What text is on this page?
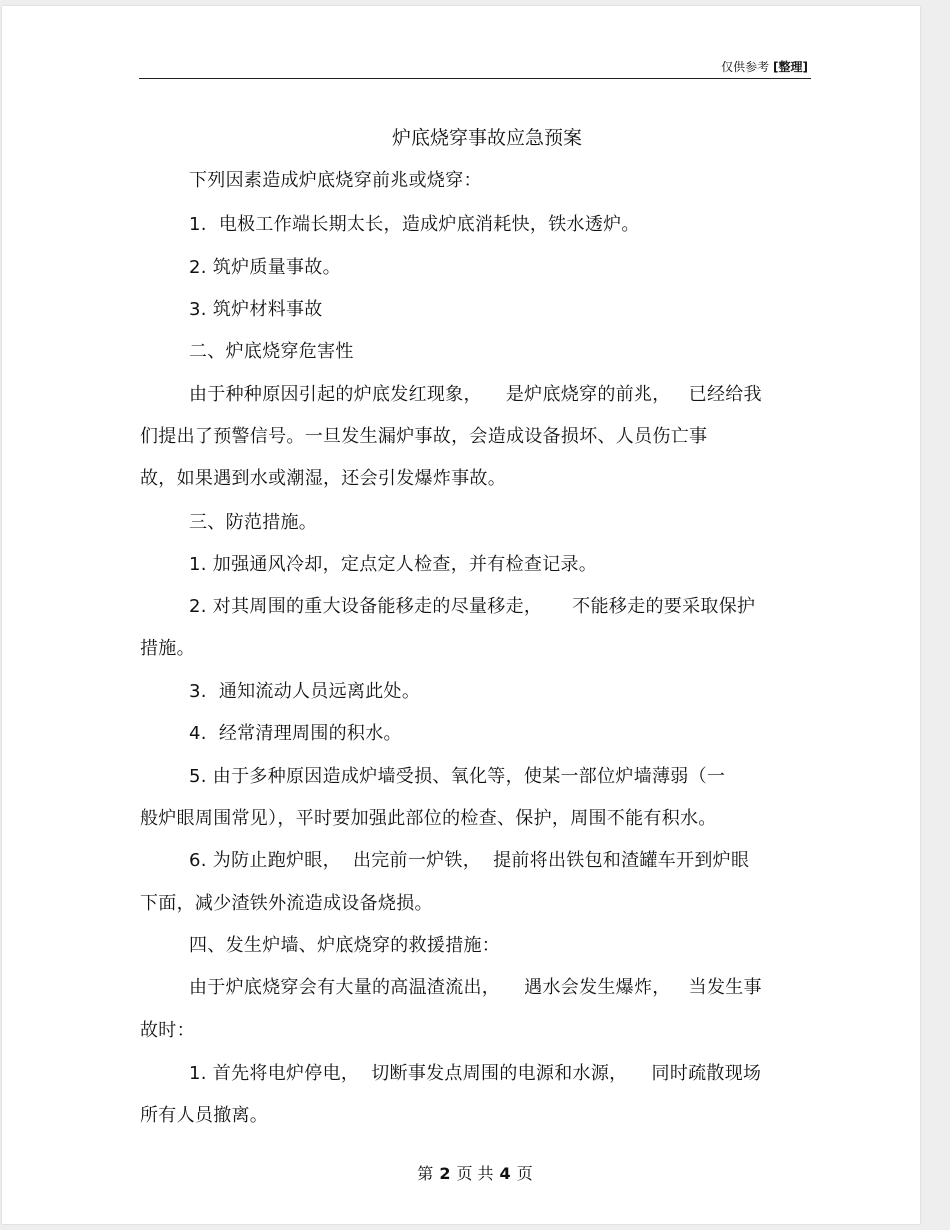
仅供参考 [整理]
炉底烧穿事故应急预案
下列因素造成炉底烧穿前兆或烧穿：
1.  电极工作端长期太长，造成炉底消耗快，铁水透炉。
2. 筑炉质量事故。
3. 筑炉材料事故
二、炉底烧穿危害性
由于种种原因引起的炉底发红现象，    是炉底烧穿的前兆，   已经给我
们提出了预警信号。一旦发生漏炉事故，会造成设备损坏、人员伤亡事
故，如果遇到水或潮湿，还会引发爆炸事故。
三、防范措施。
1. 加强通风冷却，定点定人检查，并有检查记录。
2. 对其周围的重大设备能移走的尽量移走，     不能移走的要采取保护
措施。
3.  通知流动人员远离此处。
4.  经常清理周围的积水。
5. 由于多种原因造成炉墙受损、氧化等，使某一部位炉墙薄弱（一
般炉眼周围常见），平时要加强此部位的检查、保护，周围不能有积水。
6. 为防止跑炉眼，  出完前一炉铁，  提前将出铁包和渣罐车开到炉眼
下面，减少渣铁外流造成设备烧损。
四、发生炉墙、炉底烧穿的救援措施：
由于炉底烧穿会有大量的高温渣流出，    遇水会发生爆炸，   当发生事
故时：
1. 首先将电炉停电，  切断事发点周围的电源和水源，    同时疏散现场
所有人员撤离。
第 2 页 共 4 页
